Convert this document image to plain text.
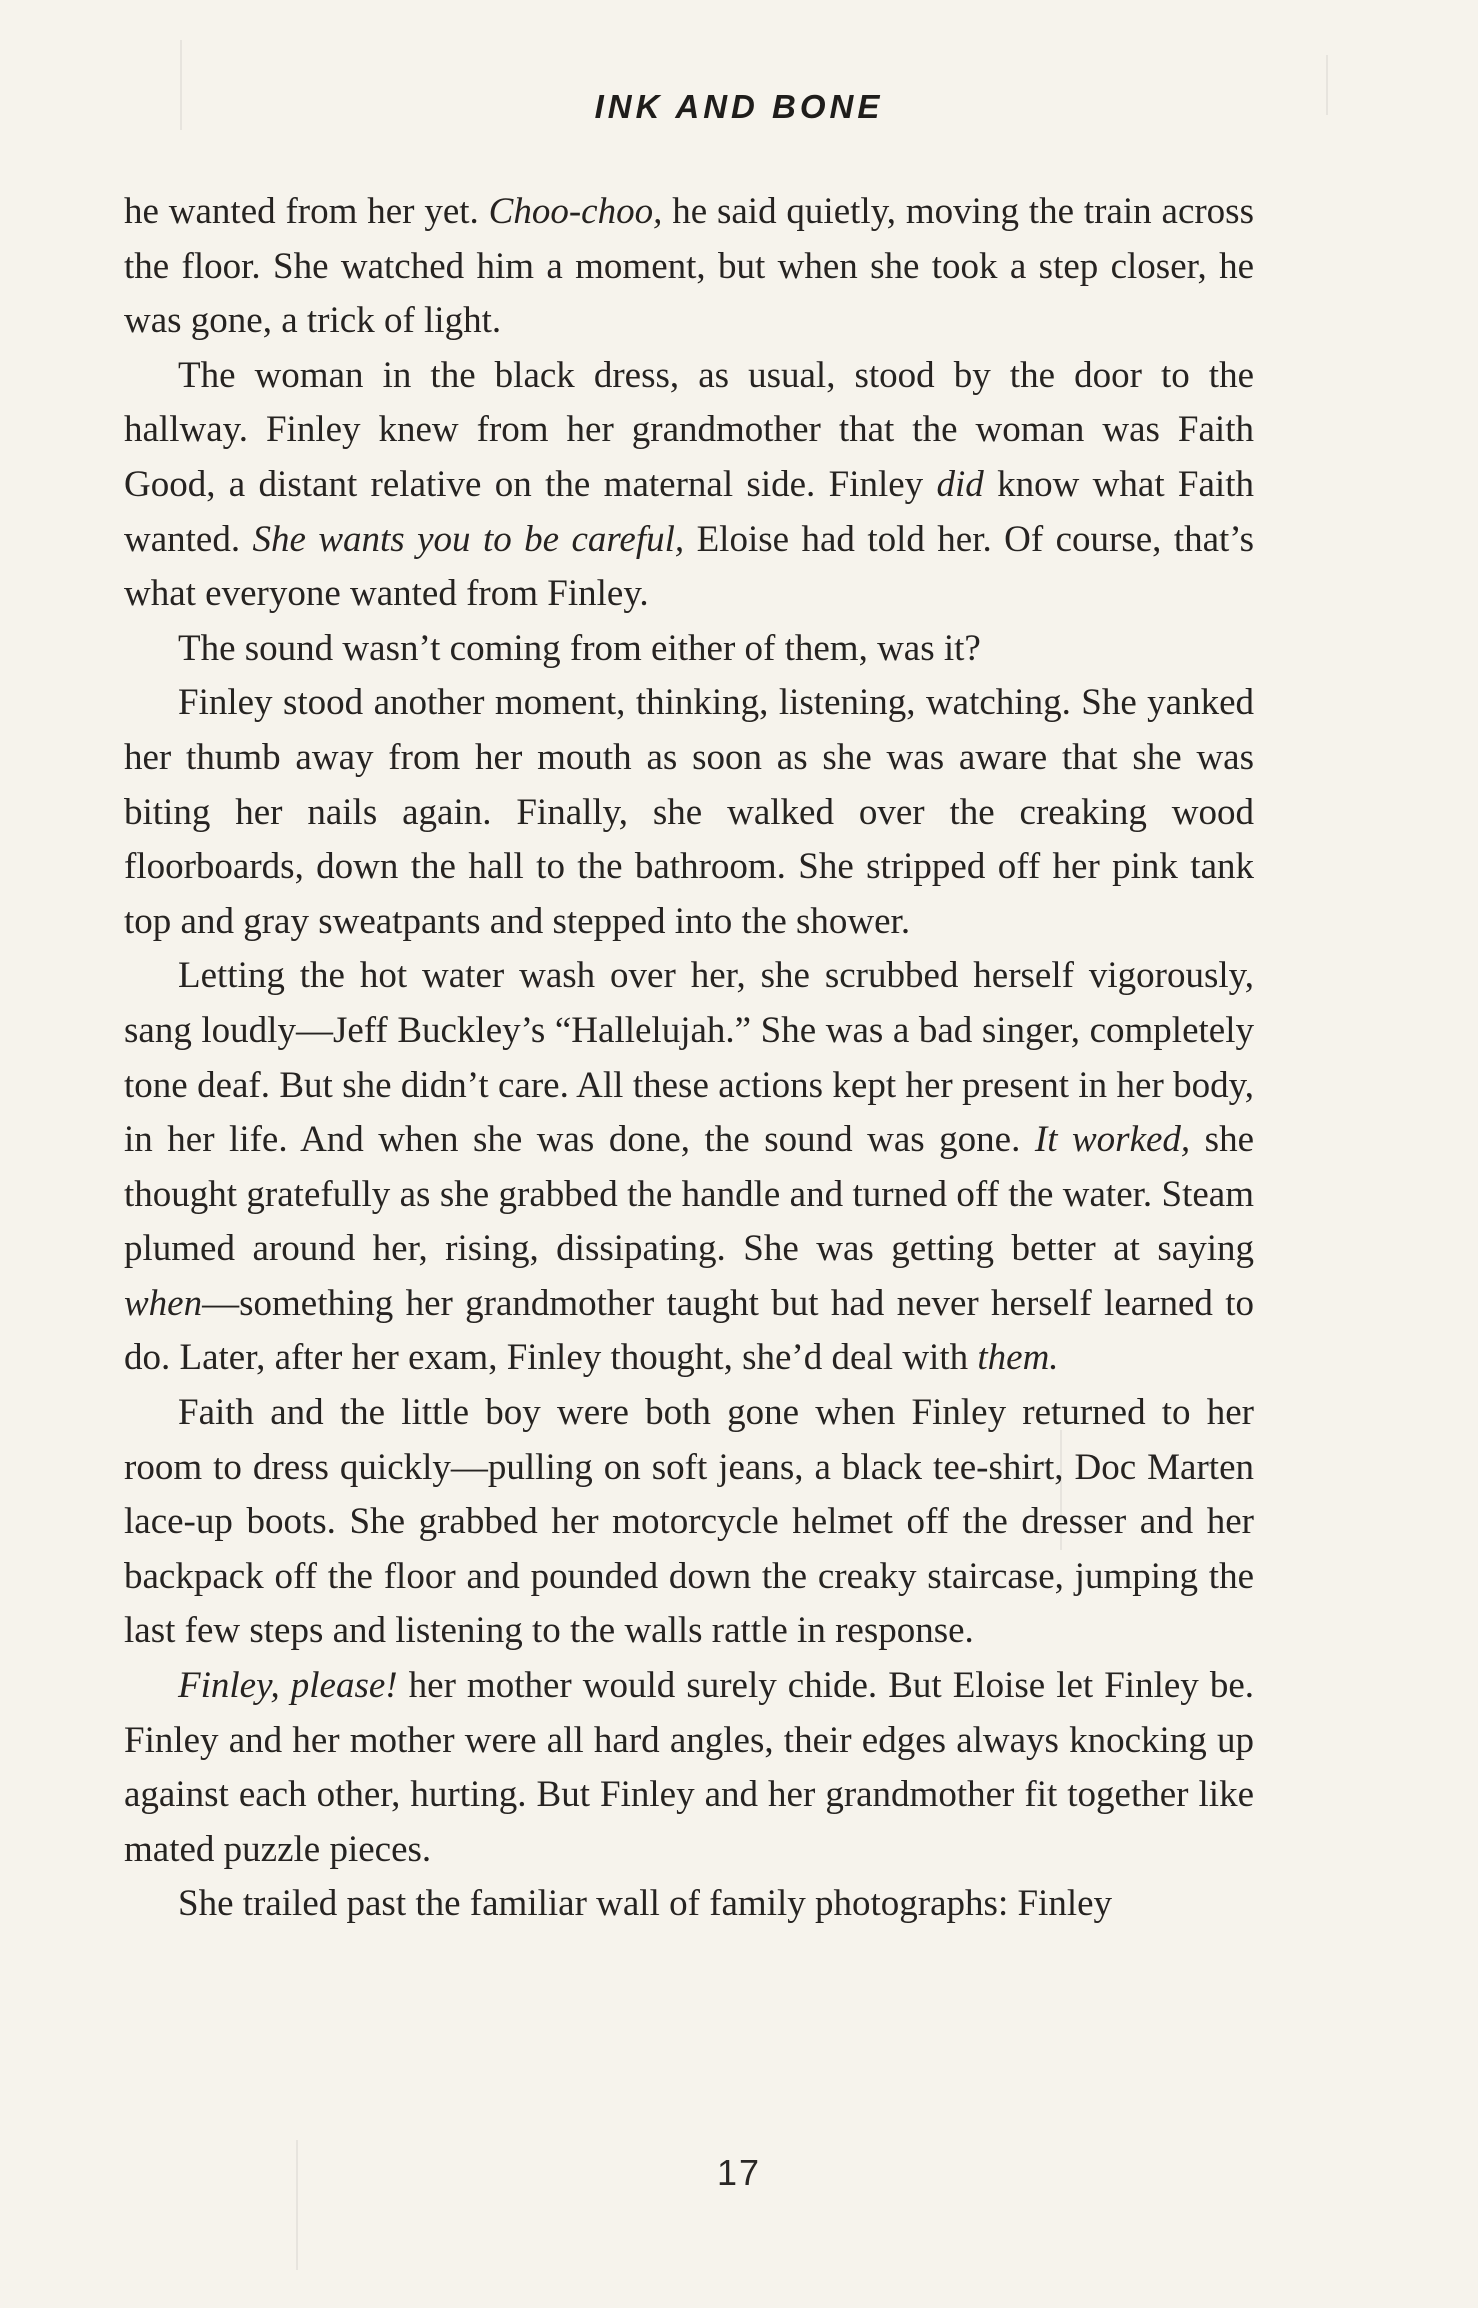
INK AND BONE

he wanted from her yet. Choo-choo, he said quietly, moving the train across the floor. She watched him a moment, but when she took a step closer, he was gone, a trick of light.

The woman in the black dress, as usual, stood by the door to the hallway. Finley knew from her grandmother that the woman was Faith Good, a distant relative on the maternal side. Finley did know what Faith wanted. She wants you to be careful, Eloise had told her. Of course, that’s what everyone wanted from Finley.

The sound wasn’t coming from either of them, was it?

Finley stood another moment, thinking, listening, watching. She yanked her thumb away from her mouth as soon as she was aware that she was biting her nails again. Finally, she walked over the creaking wood floorboards, down the hall to the bathroom. She stripped off her pink tank top and gray sweatpants and stepped into the shower.

Letting the hot water wash over her, she scrubbed herself vigorously, sang loudly—Jeff Buckley’s “Hallelujah.” She was a bad singer, completely tone deaf. But she didn’t care. All these actions kept her present in her body, in her life. And when she was done, the sound was gone. It worked, she thought gratefully as she grabbed the handle and turned off the water. Steam plumed around her, rising, dissipating. She was getting better at saying when—something her grandmother taught but had never herself learned to do. Later, after her exam, Finley thought, she’d deal with them.

Faith and the little boy were both gone when Finley returned to her room to dress quickly—pulling on soft jeans, a black tee-shirt, Doc Marten lace-up boots. She grabbed her motorcycle helmet off the dresser and her backpack off the floor and pounded down the creaky staircase, jumping the last few steps and listening to the walls rattle in response.

Finley, please! her mother would surely chide. But Eloise let Finley be. Finley and her mother were all hard angles, their edges always knocking up against each other, hurting. But Finley and her grandmother fit together like mated puzzle pieces.

She trailed past the familiar wall of family photographs: Finley

17
